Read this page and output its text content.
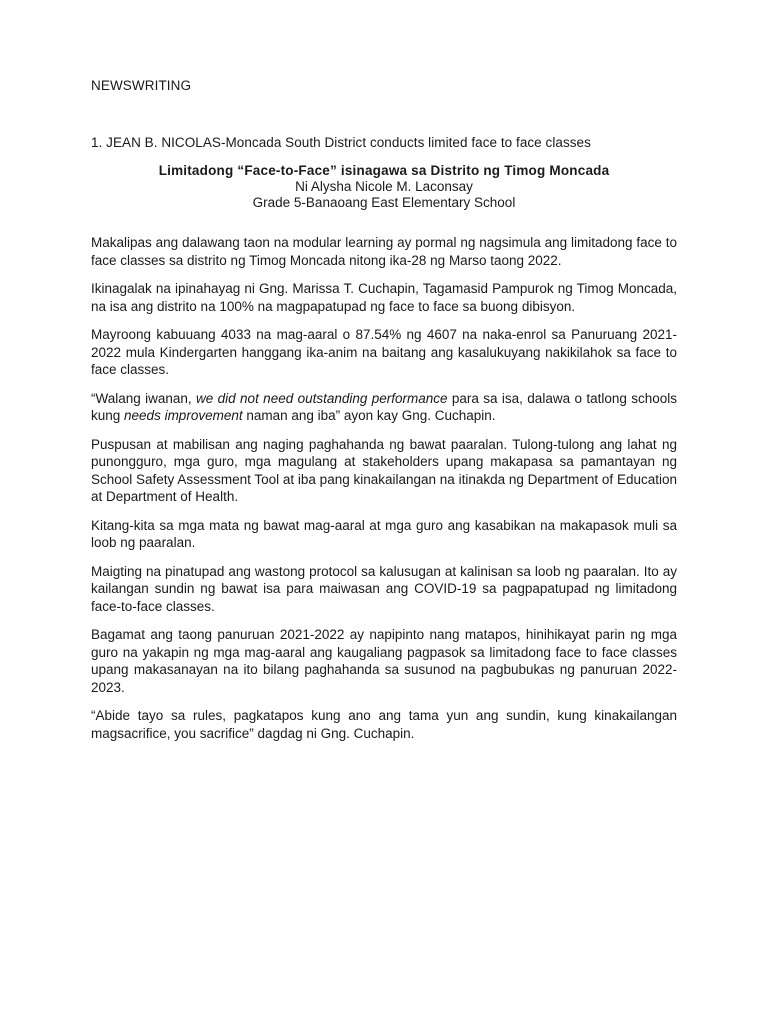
NEWSWRITING
1. JEAN B. NICOLAS-Moncada South District conducts limited face to face classes
Limitadong “Face-to-Face” isinagawa sa Distrito ng Timog Moncada
Ni Alysha Nicole M. Laconsay
Grade 5-Banaoang East Elementary School

Makalipas ang dalawang taon na modular learning ay pormal ng nagsimula ang limitadong face to face classes sa distrito ng Timog Moncada nitong ika-28 ng Marso taong 2022.

Ikinagalak na ipinahayag ni Gng. Marissa T. Cuchapin, Tagamasid Pampurok ng Timog Moncada, na isa ang distrito na 100% na magpapatupad ng face to face sa buong dibisyon.

Mayroong kabuuang 4033 na mag-aaral o 87.54% ng 4607 na naka-enrol sa Panuruang 2021-2022 mula Kindergarten hanggang ika-anim na baitang ang kasalukuyang nakikilahok sa face to face classes.

“Walang iwanan, we did not need outstanding performance para sa isa, dalawa o tatlong schools kung needs improvement naman ang iba” ayon kay Gng. Cuchapin.

Puspusan at mabilisan ang naging paghahanda ng bawat paaralan. Tulong-tulong ang lahat ng punongguro, mga guro, mga magulang at stakeholders upang makapasa sa pamantayan ng School Safety Assessment Tool at iba pang kinakailangan na itinakda ng Department of Education at Department of Health.

Kitang-kita sa mga mata ng bawat mag-aaral at mga guro ang kasabikan na makapasok muli sa loob ng paaralan.

Maigting na pinatupad ang wastong protocol sa kalusugan at kalinisan sa loob ng paaralan. Ito ay kailangan sundin ng bawat isa para maiwasan ang COVID-19 sa pagpapatupad ng limitadong face-to-face classes.

Bagamat ang taong panuruan 2021-2022 ay napipinto nang matapos, hinihikayat parin ng mga guro na yakapin ng mga mag-aaral ang kaugaliang pagpasok sa limitadong face to face classes upang makasanayan na ito bilang paghahanda sa susunod na pagbubukas ng panuruan 2022-2023.

“Abide tayo sa rules, pagkatapos kung ano ang tama yun ang sundin, kung kinakailangan magsacrifice, you sacrifice” dagdag ni Gng. Cuchapin.
